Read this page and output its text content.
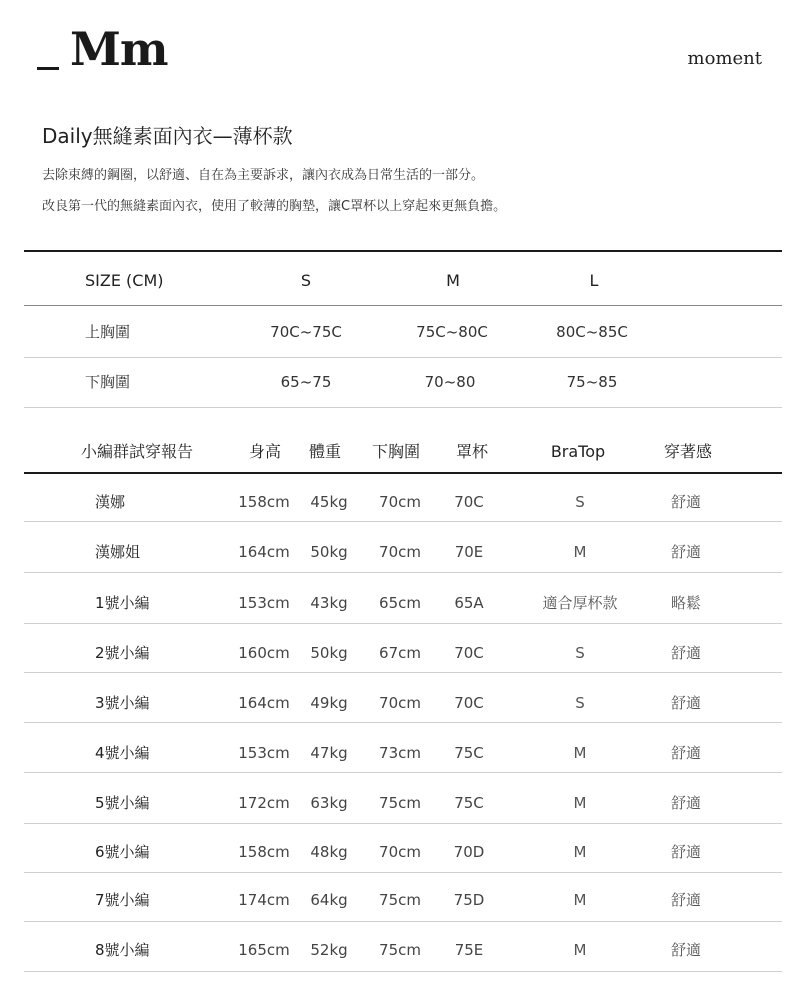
Mm	moment
Daily無縫素面內衣—薄杯款
去除束縛的鋼圈，以舒適、自在為主要訴求，讓內衣成為日常生活的一部分。
改良第一代的無縫素面內衣，使用了較薄的胸墊，讓C罩杯以上穿起來更無負擔。
SIZE (CM)	S	M	L
上胸圍	70C~75C	75C~80C	80C~85C
下胸圍	65~75	70~80	75~85
小編群試穿報告	身高 體重 下胸圍 罩杯	BraTop	穿著感
漢娜	158cm 45kg 70cm 70C	S	舒適
漢娜姐	164cm 50kg 70cm 70E	M	舒適
1號小編	153cm 43kg 65cm 65A	適合厚杯款	略鬆
2號小編	160cm 50kg 67cm 70C	S	舒適
3號小編	164cm 49kg 70cm 70C	S	舒適
4號小編	153cm 47kg 73cm 75C	M	舒適
5號小編	172cm 63kg 75cm 75C	M	舒適
6號小編	158cm 48kg 70cm 70D	M	舒適
7號小編	174cm 64kg 75cm 75D	M	舒適
8號小編	165cm 52kg 75cm 75E	M	舒適
